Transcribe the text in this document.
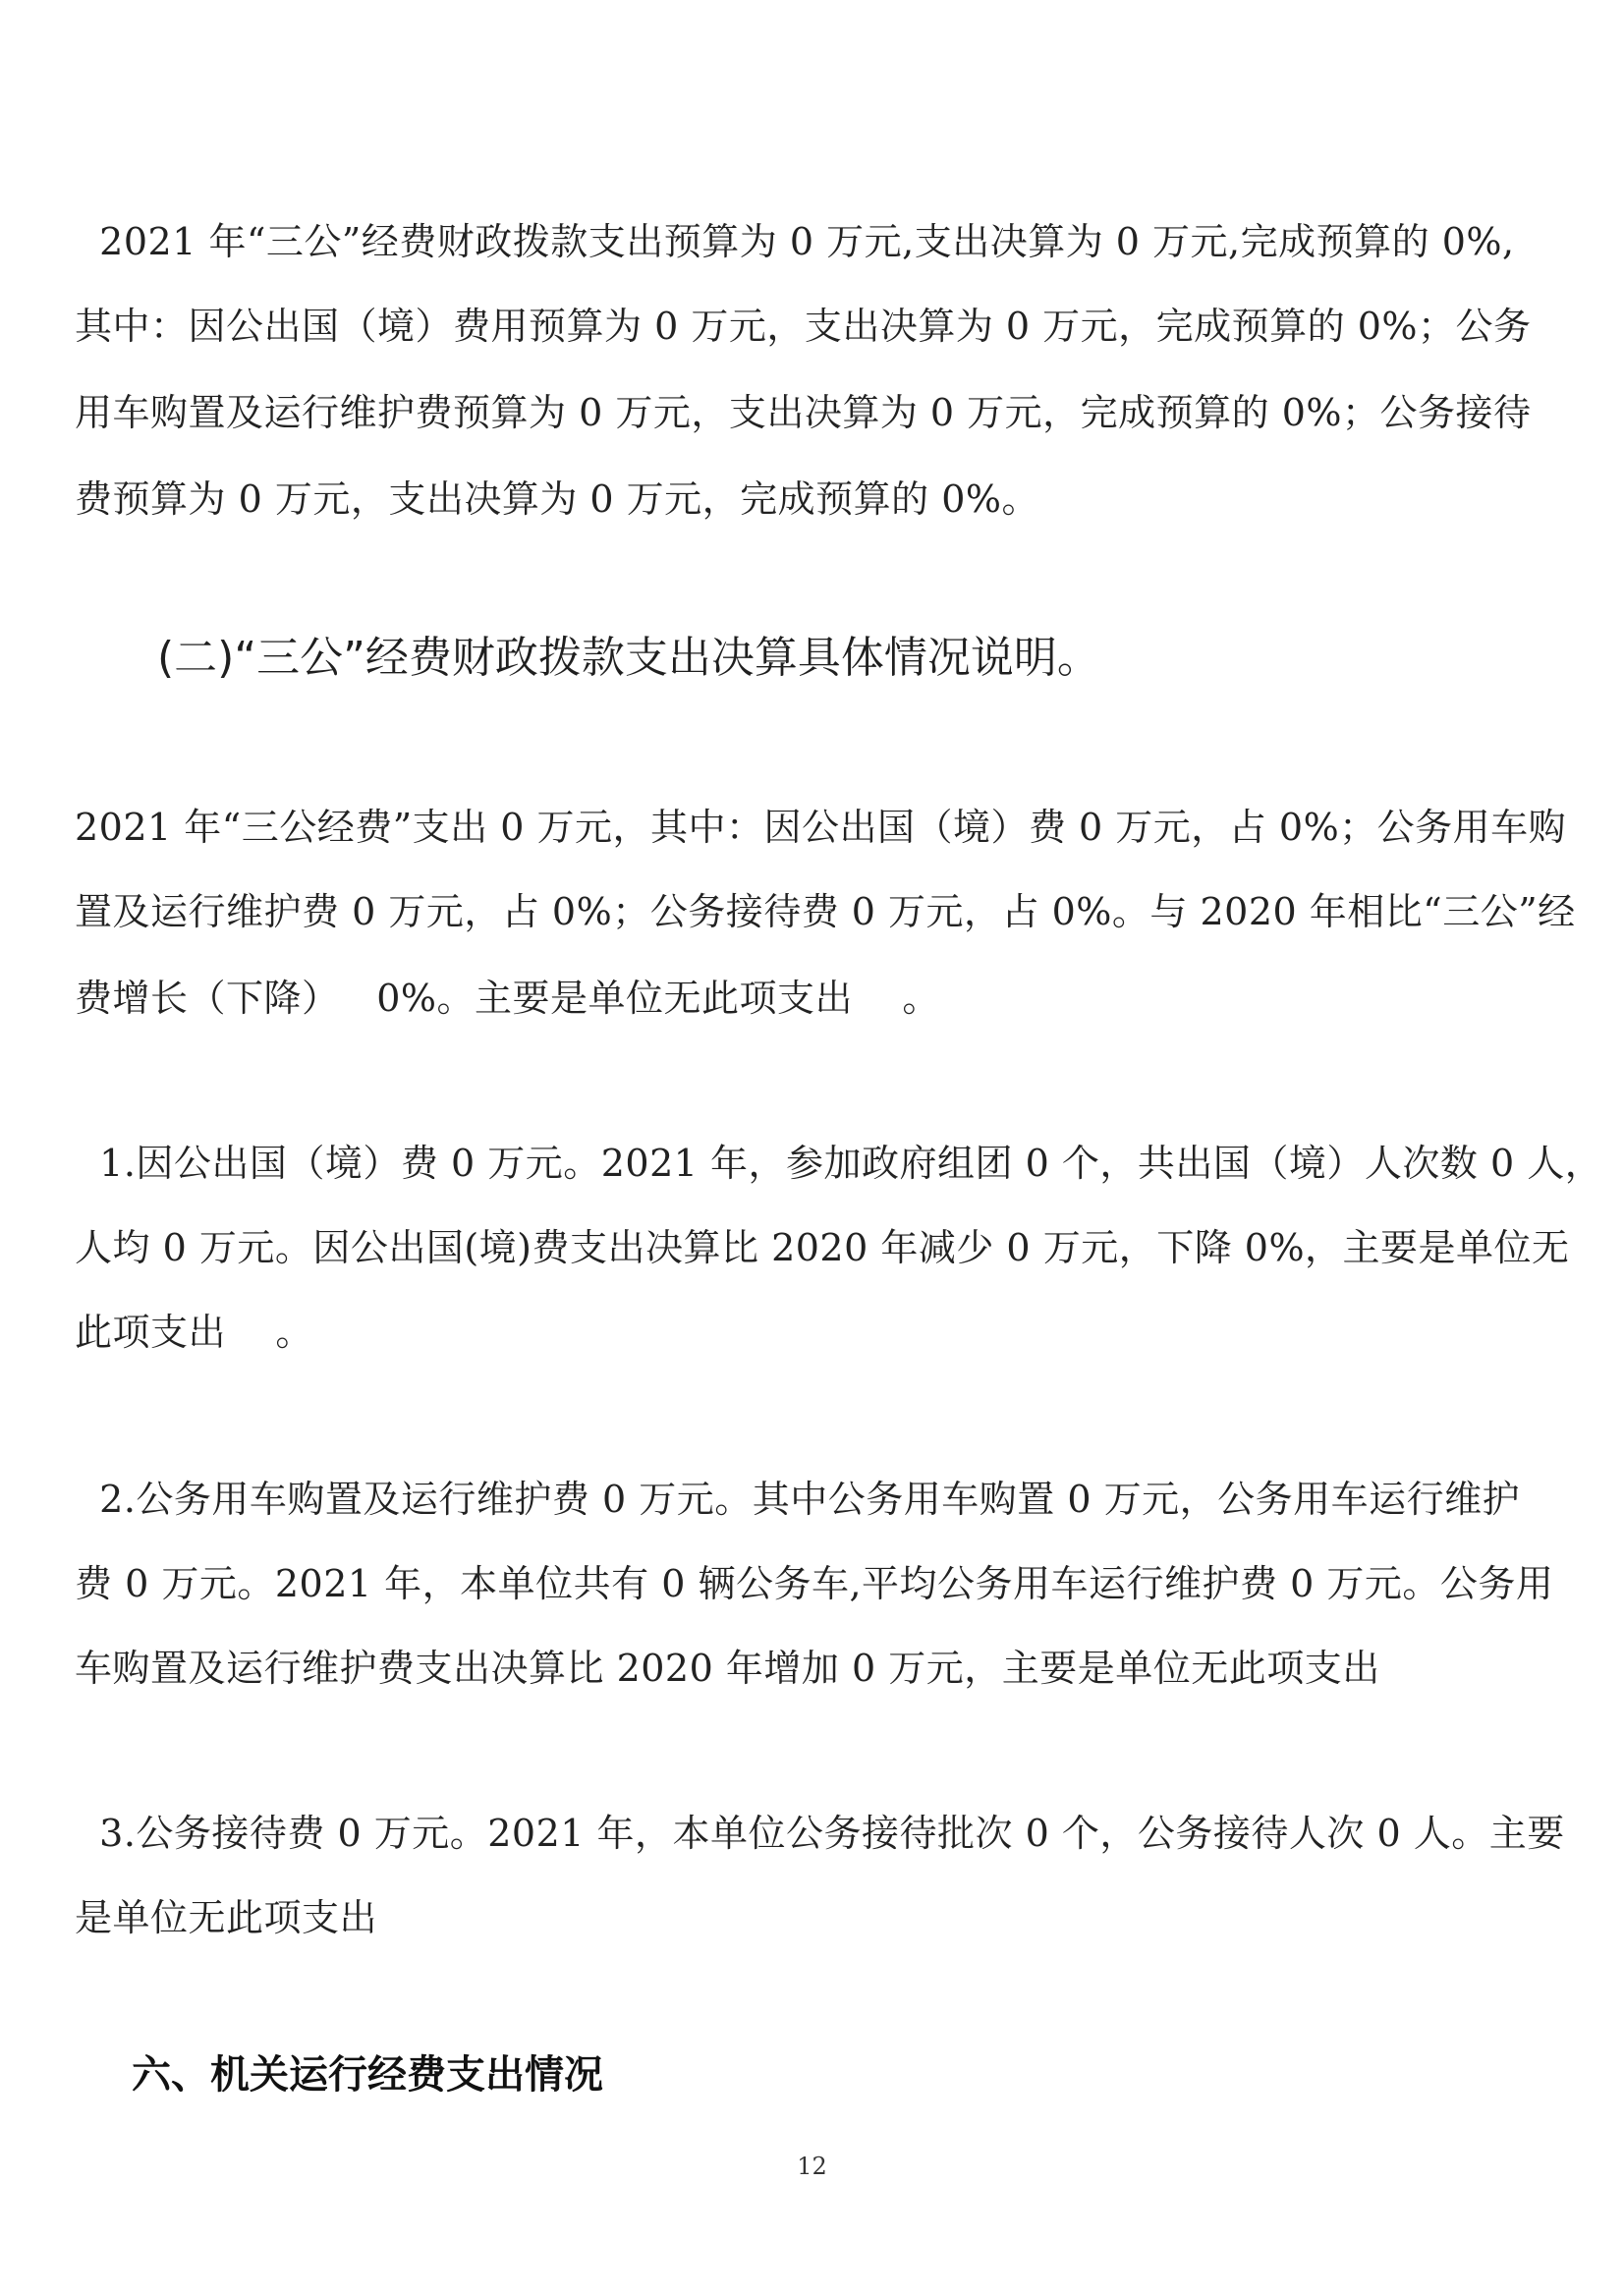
2021 年“三公”经费财政拨款支出预算为 0 万元,支出决算为 0 万元,完成预算的 0%,
其中：因公出国（境）费用预算为 0 万元，支出决算为 0 万元，完成预算的 0%；公务
用车购置及运行维护费预算为 0 万元，支出决算为 0 万元，完成预算的 0%；公务接待
费预算为 0 万元，支出决算为 0 万元，完成预算的 0%。
(二)“三公”经费财政拨款支出决算具体情况说明。
2021 年“三公经费”支出 0 万元，其中：因公出国（境）费 0 万元，占 0%；公务用车购
置及运行维护费 0 万元，占 0%；公务接待费 0 万元，占 0%。与 2020 年相比“三公”经
费增长（下降）   0%。主要是单位无此项支出    。
1.因公出国（境）费 0 万元。2021 年，参加政府组团 0 个，共出国（境）人次数 0 人，
人均 0 万元。因公出国(境)费支出决算比 2020 年减少 0 万元，下降 0%，主要是单位无
此项支出    。
2.公务用车购置及运行维护费 0 万元。其中公务用车购置 0 万元，公务用车运行维护
费 0 万元。2021 年，本单位共有 0 辆公务车,平均公务用车运行维护费 0 万元。公务用
车购置及运行维护费支出决算比 2020 年增加 0 万元，主要是单位无此项支出
3.公务接待费 0 万元。2021 年，本单位公务接待批次 0 个，公务接待人次 0 人。主要
是单位无此项支出
六、机关运行经费支出情况
12
